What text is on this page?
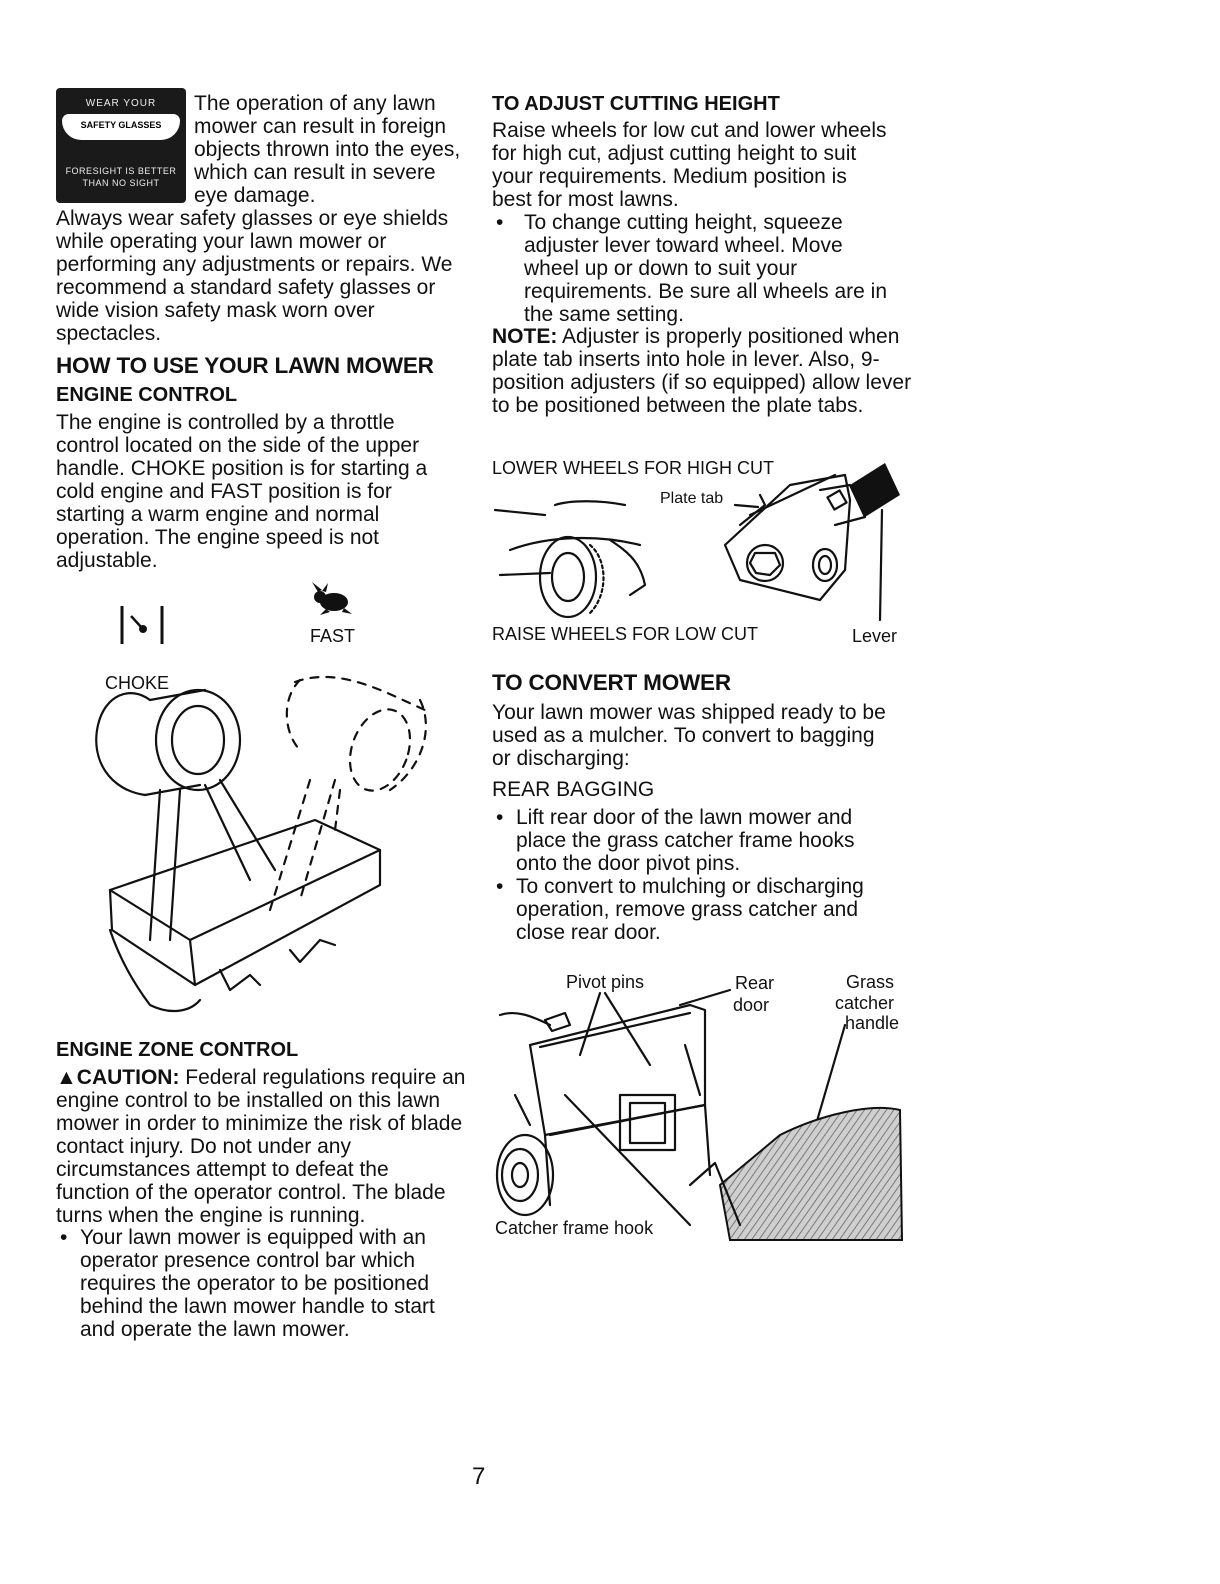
WEAR YOUR
SAFETY GLASSES
FORESIGHT IS BETTER
THAN NO SIGHT

The operation of any lawn mower can result in foreign objects thrown into the eyes, which can result in severe eye damage.

Always wear safety glasses or eye shields while operating your lawn mower or performing any adjustments or repairs. We recommend a standard safety glasses or wide vision safety mask worn over spectacles.

HOW TO USE YOUR LAWN MOWER
ENGINE CONTROL

The engine is controlled by a throttle control located on the side of the upper handle. CHOKE position is for starting a cold engine and FAST position is for starting a warm engine and normal operation. The engine speed is not adjustable.

FAST
CHOKE
ENGINE ZONE CONTROL

▲CAUTION: Federal regulations require an engine control to be installed on this lawn mower in order to minimize the risk of blade contact injury. Do not under any circumstances attempt to defeat the function of the operator control. The blade turns when the engine is running.

• Your lawn mower is equipped with an operator presence control bar which requires the operator to be positioned behind the lawn mower handle to start and operate the lawn mower.
TO ADJUST CUTTING HEIGHT

Raise wheels for low cut and lower wheels for high cut, adjust cutting height to suit your requirements. Medium position is best for most lawns.

• To change cutting height, squeeze adjuster lever toward wheel. Move wheel up or down to suit your requirements. Be sure all wheels are in the same setting.

NOTE: Adjuster is properly positioned when plate tab inserts into hole in lever. Also, 9-position adjusters (if so equipped) allow lever to be positioned between the plate tabs.

LOWER WHEELS FOR HIGH CUT
Plate tab
RAISE WHEELS FOR LOW CUT	Lever
TO CONVERT MOWER

Your lawn mower was shipped ready to be used as a mulcher. To convert to bagging or discharging:

REAR BAGGING
• Lift rear door of the lawn mower and place the grass catcher frame hooks onto the door pivot pins.
• To convert to mulching or discharging operation, remove grass catcher and close rear door.
Pivot pins	Rear
door
Grass
catcher
handle
Catcher frame hook
7
